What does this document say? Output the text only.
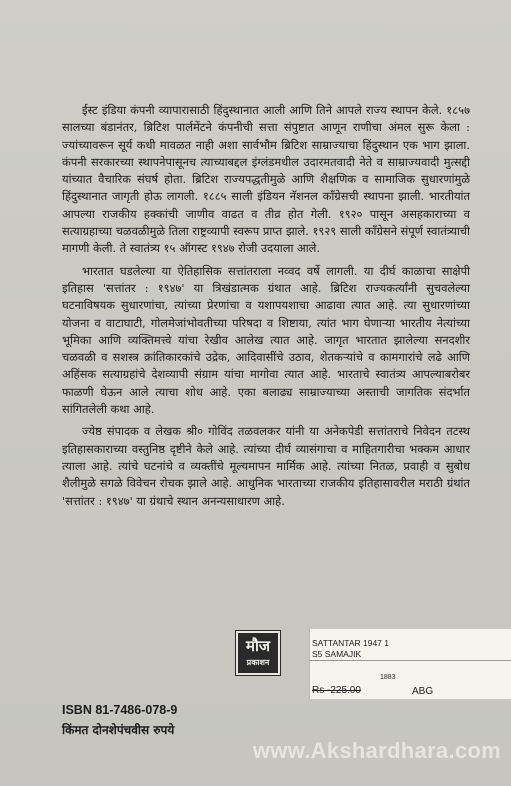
ईस्ट इंडिया कंपनी व्यापारासाठी हिंदुस्थानात आली आणि तिने आपले राज्य स्थापन केले. १८५७ सालच्या बंडानंतर, ब्रिटिश पार्लमेंटने कंपनीची सत्ता संपुष्टात आणून राणीचा अंमल सुरू केला : ज्यांच्यावरून सूर्य कधी मावळत नाही अशा सार्वभौम ब्रिटिश साम्राज्याचा हिंदुस्थान एक भाग झाला. कंपनी सरकारच्या स्थापनेपासूनच त्याच्याबद्दल इंग्लंडमधील उदारमतवादी नेते व साम्राज्यवादी मुत्सद्दी यांच्यात वैचारिक संघर्ष होता. ब्रिटिश राज्यपद्धतीमुळे आणि शैक्षणिक व सामाजिक सुधारणांमुळे हिंदुस्थानात जागृती होऊ लागली. १८८५ साली इंडियन नॅशनल काँग्रेसची स्थापना झाली. भारतीयांत आपल्या राजकीय हक्कांची जाणीव वाढत व तीव्र होत गेली. १९२० पासून असहकाराच्या व सत्याग्रहाच्या चळवळीमुळे तिला राष्ट्रव्यापी स्वरूप प्राप्त झाले. १९२९ साली काँग्रेसने संपूर्ण स्वातंत्र्याची मागणी केली. ते स्वातंत्र्य १५ ऑगस्ट १९४७ रोजी उदयाला आले.

भारतात घडलेल्या या ऐतिहासिक सत्तांतराला नव्वद वर्षे लागली. या दीर्घ काळाचा साक्षेपी इतिहास 'सत्तांतर : १९४७' या त्रिखंडात्मक ग्रंथात आहे. ब्रिटिश राज्यकर्त्यांनी सुचवलेल्या घटनाविषयक सुधारणांचा, त्यांच्या प्रेरणांचा व यशापयशाचा आढावा त्यात आहे. त्या सुधारणांच्या योजना व वाटाघाटी, गोलमेजांभोवतीच्या परिषदा व शिष्टाया, त्यांत भाग घेणाऱ्या भारतीय नेत्यांच्या भूमिका आणि व्यक्तिमत्त्वे यांचा रेखीव आलेख त्यात आहे. जागृत भारतात झालेल्या सनदशीर चळवळी व सशस्त्र क्रांतिकारकांचे उद्रेक, आदिवासींचे उठाव, शेतकऱ्यांचे व कामगारांचे लढे आणि अहिंसक सत्याग्रहांचे देशव्यापी संग्राम यांचा मागोवा त्यात आहे. भारताचे स्वातंत्र्य आपल्याबरोबर फाळणी घेऊन आले त्याचा शोध आहे. एका बलाढ्य साम्राज्याच्या अस्ताची जागतिक संदर्भात सांगितलेली कथा आहे.

ज्येष्ठ संपादक व लेखक श्री० गोविंद तळवलकर यांनी या अनेकपेडी सत्तांतराचे निवेदन तटस्थ इतिहासकाराच्या वस्तुनिष्ठ दृष्टीने केले आहे. त्यांच्या दीर्घ व्यासंगाचा व माहितगारीचा भक्कम आधार त्याला आहे. त्यांचे घटनांचे व व्यक्तींचे मूल्यमापन मार्मिक आहे. त्यांच्या नितळ, प्रवाही व सुबोध शैलीमुळे सगळे विवेचन रोचक झाले आहे. आधुनिक भारताच्या राजकीय इतिहासावरील मराठी ग्रंथांत 'सत्तांतर : १९४७' या ग्रंथाचे स्थान अनन्यसाधारण आहे.

मौज
प्रकाशन
SATTANTAR 1947 1
S5 SAMAJIK
1883
Rs -225.00	ABG
ISBN 81-7486-078-9
किंमत दोनशेपंचवीस रुपये
www.Akshardhara.com
